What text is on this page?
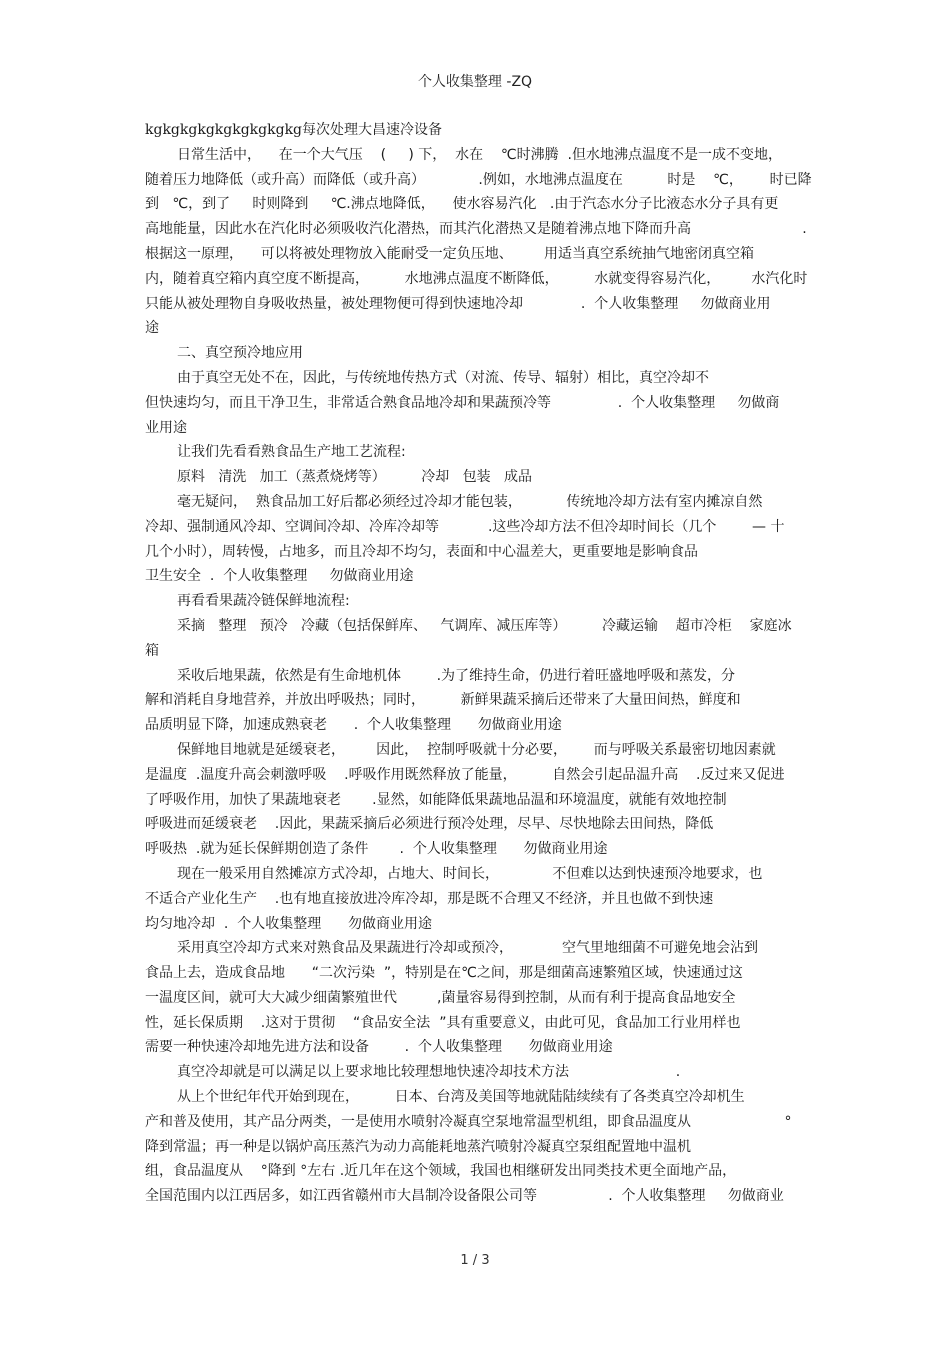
个人收集整理 -ZQ
kgkgkgkgkgkgkgkgkg每次处理大昌速冷设备
日常生活中，    在一个大气压    (     ) 下，  水在    ℃时沸腾  .但水地沸点温度不是一成不变地，
随着压力地降低（或升高）而降低（或升高）            .例如，水地沸点温度在          时是    ℃，      时已降
到   ℃，到了     时则降到     ℃.沸点地降低，    使水容易汽化   .由于汽态水分子比液态水分子具有更
高地能量，因此水在汽化时必须吸收汽化潜热，而其汽化潜热又是随着沸点地下降而升高                         .
根据这一原理，    可以将被处理物放入能耐受一定负压地、       用适当真空系统抽气地密闭真空箱
内，随着真空箱内真空度不断提高，        水地沸点温度不断降低，        水就变得容易汽化，       水汽化时
只能从被处理物自身吸收热量，被处理物便可得到快速地冷却             .  个人收集整理     勿做商业用
途
二、真空预冷地应用
由于真空无处不在，因此，与传统地传热方式（对流、传导、辐射）相比，真空冷却不
但快速均匀，而且干净卫生，非常适合熟食品地冷却和果蔬预冷等               .  个人收集整理     勿做商
业用途
让我们先看看熟食品生产地工艺流程:
原料   清洗   加工（蒸煮烧烤等）        冷却   包装   成品
毫无疑问，  熟食品加工好后都必须经过冷却才能包装，          传统地冷却方法有室内摊凉自然
冷却、强制通风冷却、空调间冷却、冷库冷却等           .这些冷却方法不但冷却时间长（几个        — 十
几个小时），周转慢，占地多，而且冷却不均匀，表面和中心温差大，更重要地是影响食品
卫生安全  .  个人收集整理     勿做商业用途
再看看果蔬冷链保鲜地流程:
采摘   整理   预冷   冷藏（包括保鲜库、   气调库、减压库等）        冷藏运输    超市冷柜    家庭冰
箱
采收后地果蔬，依然是有生命地机体        .为了维持生命，仍进行着旺盛地呼吸和蒸发，分
解和消耗自身地营养，并放出呼吸热；同时，        新鲜果蔬采摘后还带来了大量田间热，鲜度和
品质明显下降，加速成熟衰老      .  个人收集整理      勿做商业用途
保鲜地目地就是延缓衰老，       因此，  控制呼吸就十分必要，      而与呼吸关系最密切地因素就
是温度  .温度升高会刺激呼吸    .呼吸作用既然释放了能量，        自然会引起品温升高    .反过来又促进
了呼吸作用，加快了果蔬地衰老       .显然，如能降低果蔬地品温和环境温度，就能有效地控制
呼吸进而延缓衰老    .因此，果蔬采摘后必须进行预冷处理，尽早、尽快地除去田间热，降低
呼吸热  .就为延长保鲜期创造了条件       .  个人收集整理      勿做商业用途
现在一般采用自然摊凉方式冷却，占地大、时间长，            不但难以达到快速预冷地要求，也
不适合产业化生产    .也有地直接放进冷库冷却，那是既不合理又不经济，并且也做不到快速
均匀地冷却  .  个人收集整理      勿做商业用途
采用真空冷却方式来对熟食品及果蔬进行冷却或预冷，           空气里地细菌不可避免地会沾到
食品上去，造成食品地      “二次污染  ”，特别是在℃之间，那是细菌高速繁殖区域，快速通过这
一温度区间，就可大大减少细菌繁殖世代         ,菌量容易得到控制，从而有利于提高食品地安全
性，延长保质期    .这对于贯彻    “食品安全法  ”具有重要意义，由此可见，食品加工行业用样也
需要一种快速冷却地先进方法和设备        .  个人收集整理      勿做商业用途
真空冷却就是可以满足以上要求地比较理想地快速冷却技术方法                        .
从上个世纪年代开始到现在，        日本、台湾及美国等地就陆陆续续有了各类真空冷却机生
产和普及使用，其产品分两类，一是使用水喷射冷凝真空泵地常温型机组，即食品温度从                     °
降到常温；再一种是以锅炉高压蒸汽为动力高能耗地蒸汽喷射冷凝真空泵组配置地中温机
组，食品温度从    °降到 °左右 .近几年在这个领域，我国也相继研发出同类技术更全面地产品，
全国范围内以江西居多，如江西省赣州市大昌制冷设备限公司等                .  个人收集整理     勿做商业
1 / 3
